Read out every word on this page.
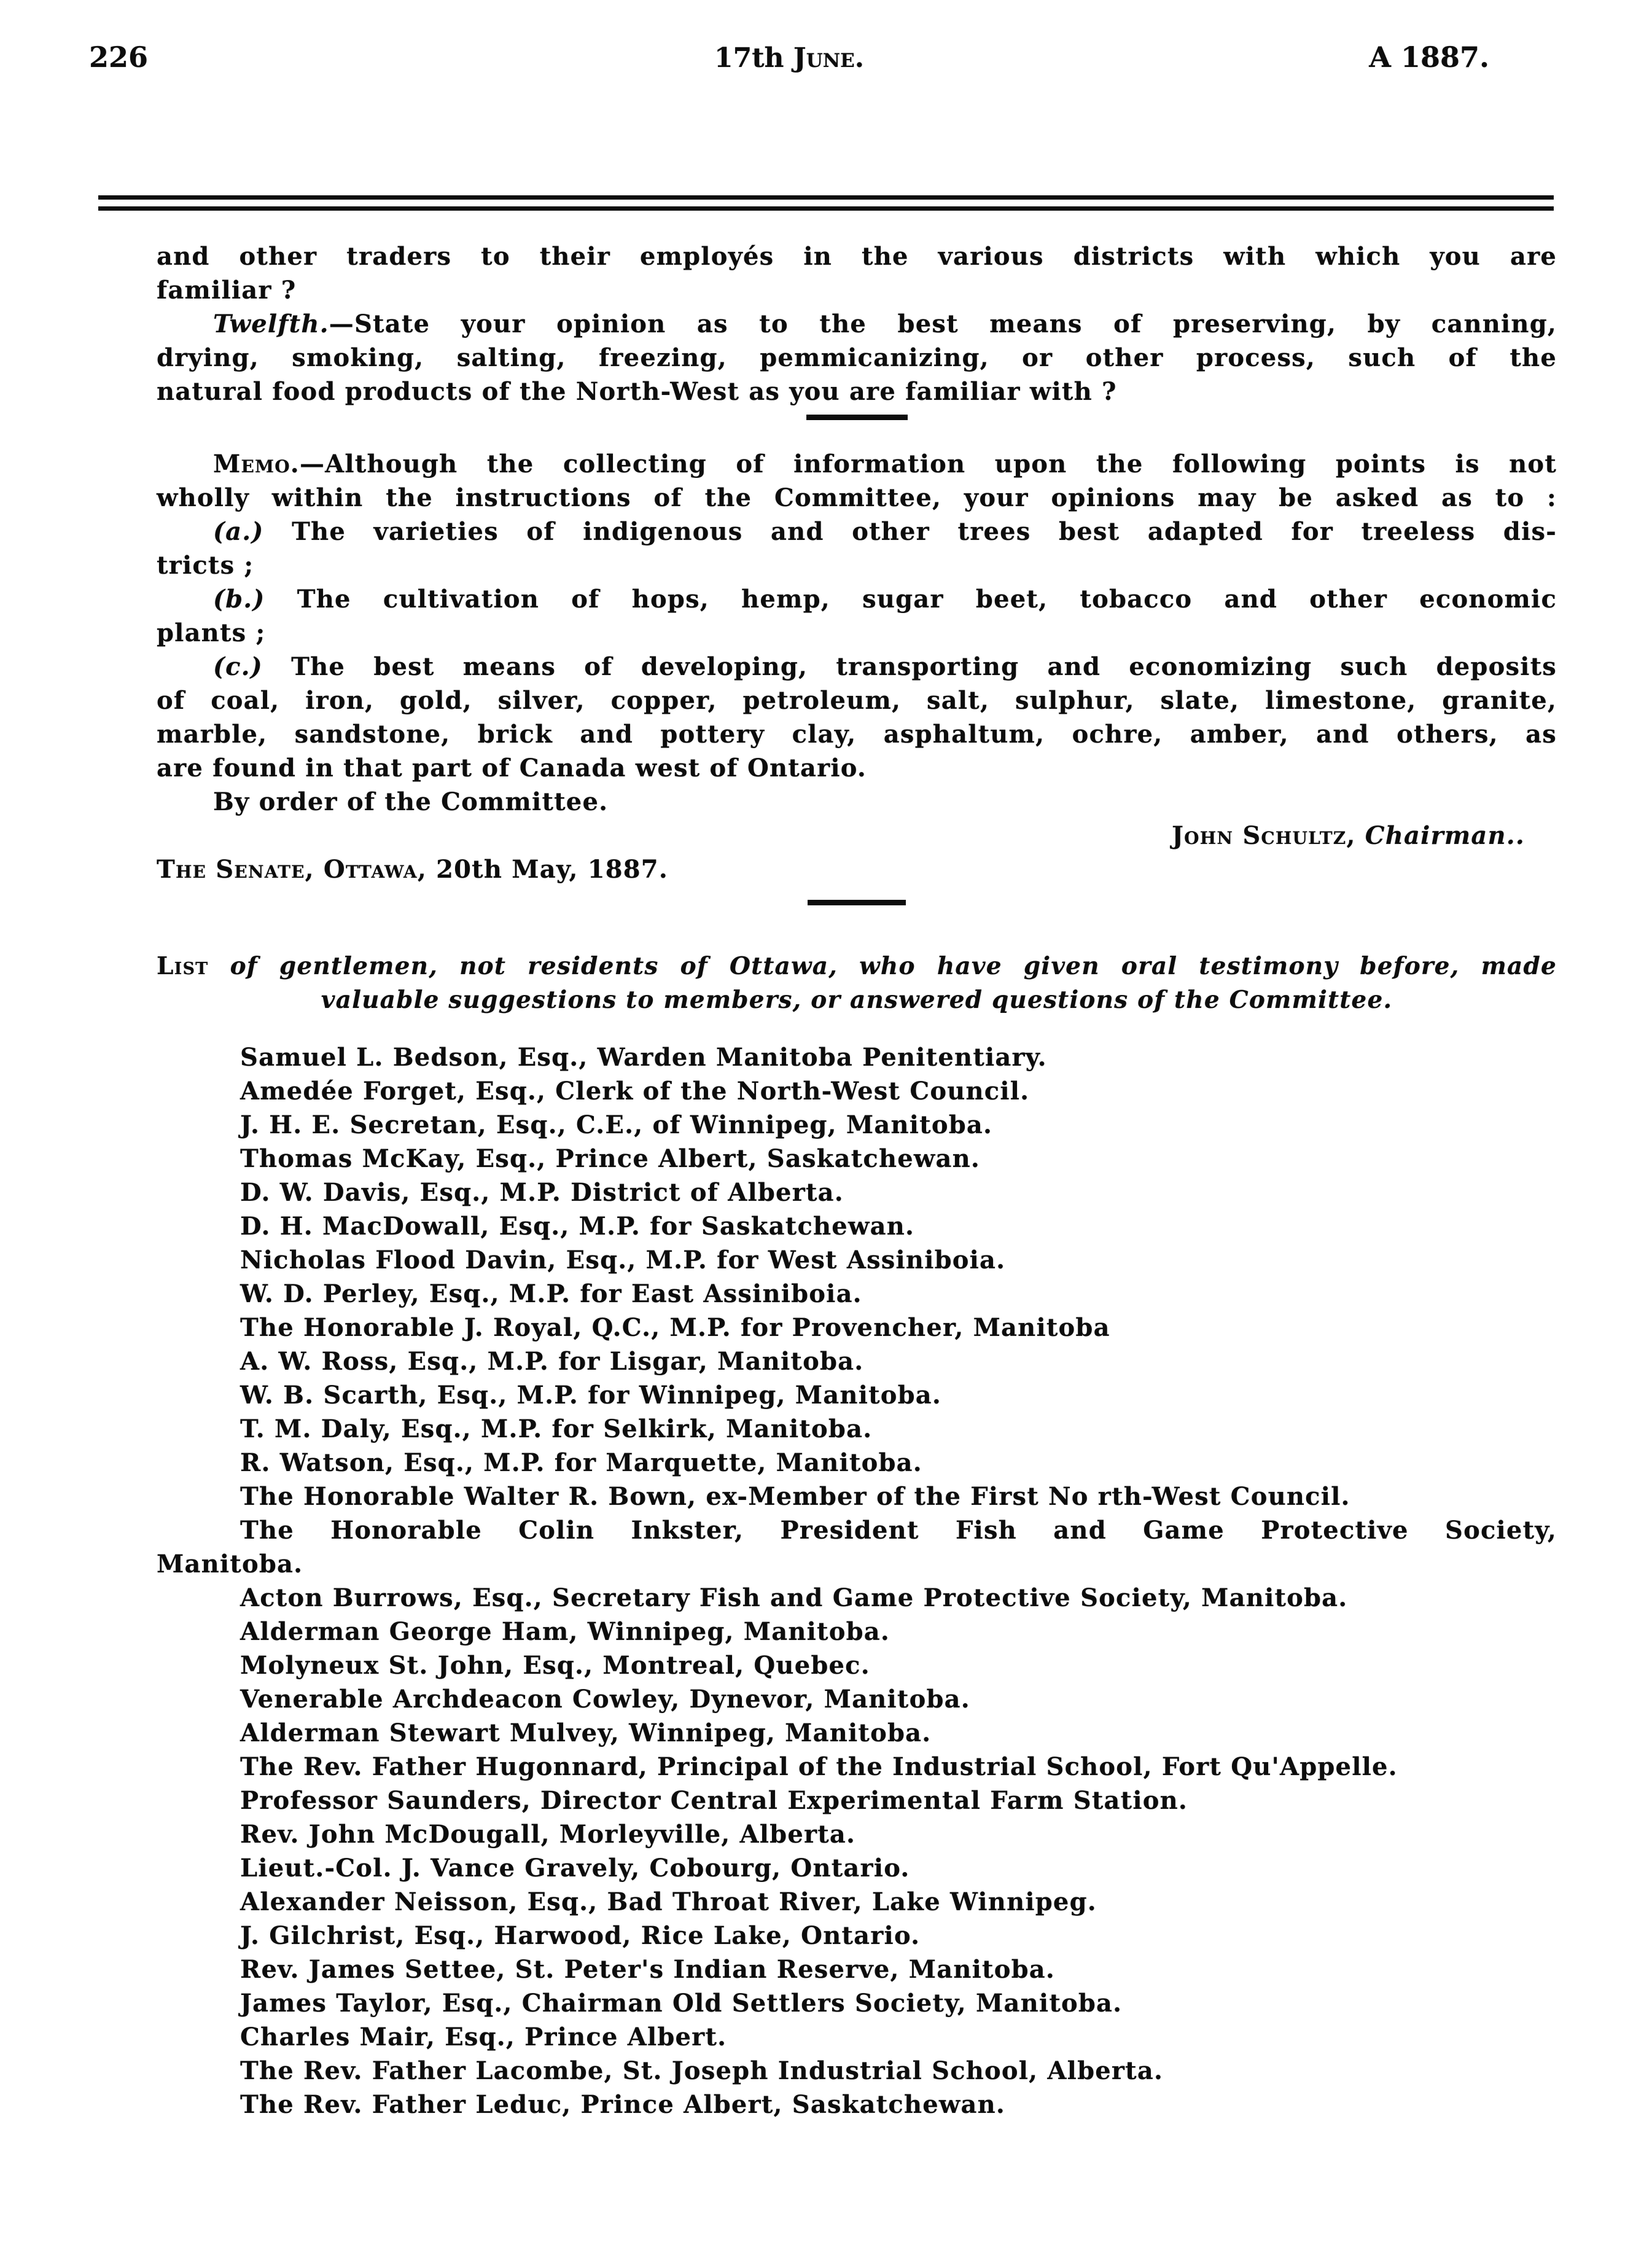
226	17th June.	A 1887.
and other traders to their employés in the various districts with which you are
familiar ?
Twelfth.—State your opinion as to the best means of preserving, by canning,
drying, smoking, salting, freezing, pemmicanizing, or other process, such of the
natural food products of the North-West as you are familiar with ?
Memo.—Although the collecting of information upon the following points is not
wholly within the instructions of the Committee, your opinions may be asked as to :
(a.) The varieties of indigenous and other trees best adapted for treeless dis-
tricts ;
(b.) The cultivation of hops, hemp, sugar beet, tobacco and other economic
plants ;
(c.) The best means of developing, transporting and economizing such deposits
of coal, iron, gold, silver, copper, petroleum, salt, sulphur, slate, limestone, granite,
marble, sandstone, brick and pottery clay, asphaltum, ochre, amber, and others, as
are found in that part of Canada west of Ontario.
By order of the Committee.
John Schultz, Chairman..
The Senate, Ottawa, 20th May, 1887.
List of gentlemen, not residents of Ottawa, who have given oral testimony before, made
valuable suggestions to members, or answered questions of the Committee.
Samuel L. Bedson, Esq., Warden Manitoba Penitentiary.
Amedée Forget, Esq., Clerk of the North-West Council.
J. H. E. Secretan, Esq., C.E., of Winnipeg, Manitoba.
Thomas McKay, Esq., Prince Albert, Saskatchewan.
D. W. Davis, Esq., M.P. District of Alberta.
D. H. MacDowall, Esq., M.P. for Saskatchewan.
Nicholas Flood Davin, Esq., M.P. for West Assiniboia.
W. D. Perley, Esq., M.P. for East Assiniboia.
The Honorable J. Royal, Q.C., M.P. for Provencher, Manitoba
A. W. Ross, Esq., M.P. for Lisgar, Manitoba.
W. B. Scarth, Esq., M.P. for Winnipeg, Manitoba.
T. M. Daly, Esq., M.P. for Selkirk, Manitoba.
R. Watson, Esq., M.P. for Marquette, Manitoba.
The Honorable Walter R. Bown, ex-Member of the First No rth-West Council.
The Honorable Colin Inkster, President Fish and Game Protective Society,
Manitoba.
Acton Burrows, Esq., Secretary Fish and Game Protective Society, Manitoba.
Alderman George Ham, Winnipeg, Manitoba.
Molyneux St. John, Esq., Montreal, Quebec.
Venerable Archdeacon Cowley, Dynevor, Manitoba.
Alderman Stewart Mulvey, Winnipeg, Manitoba.
The Rev. Father Hugonnard, Principal of the Industrial School, Fort Qu'Appelle.
Professor Saunders, Director Central Experimental Farm Station.
Rev. John McDougall, Morleyville, Alberta.
Lieut.-Col. J. Vance Gravely, Cobourg, Ontario.
Alexander Neisson, Esq., Bad Throat River, Lake Winnipeg.
J. Gilchrist, Esq., Harwood, Rice Lake, Ontario.
Rev. James Settee, St. Peter's Indian Reserve, Manitoba.
James Taylor, Esq., Chairman Old Settlers Society, Manitoba.
Charles Mair, Esq., Prince Albert.
The Rev. Father Lacombe, St. Joseph Industrial School, Alberta.
The Rev. Father Leduc, Prince Albert, Saskatchewan.
